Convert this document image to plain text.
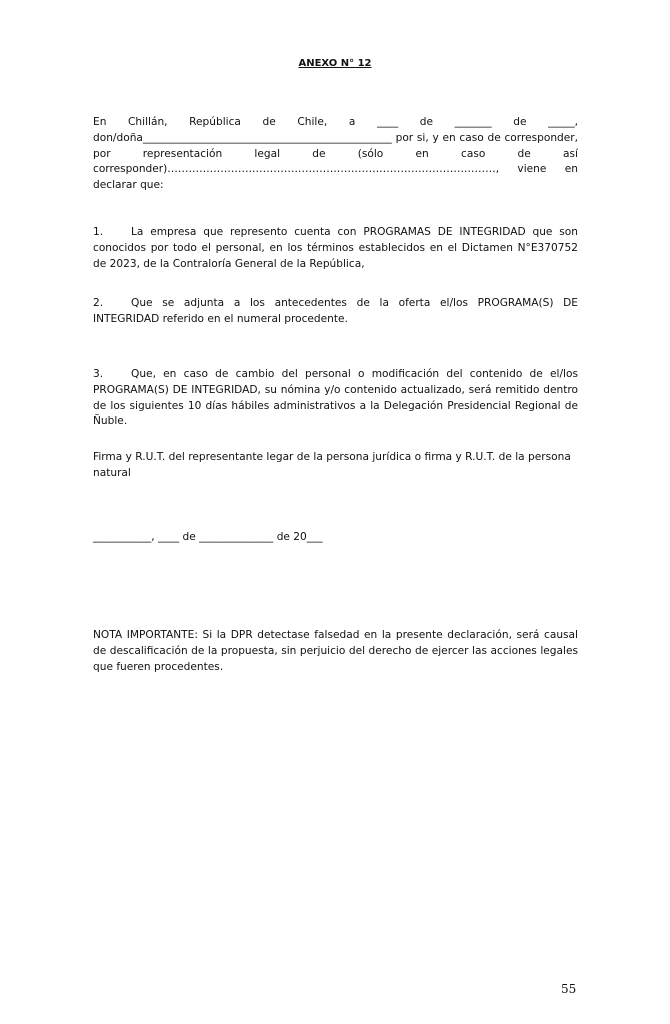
ANEXO N° 12
En Chillán, República de Chile, a ____ de _______ de _____, don/doña_______________________________________________ por si, y en caso de corresponder, por representación legal de (sólo en caso de así corresponder)…………………………………………………………………………………, viene en declarar que:
1.	La empresa que represento cuenta con PROGRAMAS DE INTEGRIDAD que son conocidos por todo el personal, en los términos establecidos en el Dictamen N°E370752 de 2023, de la Contraloría General de la República,
2.	Que se adjunta a los antecedentes de la oferta el/los PROGRAMA(S) DE INTEGRIDAD referido en el numeral procedente.
3.	Que, en caso de cambio del personal o modificación del contenido de el/los PROGRAMA(S) DE INTEGRIDAD, su nómina y/o contenido actualizado, será remitido dentro de los siguientes 10 días hábiles administrativos a la Delegación Presidencial Regional de Ñuble.
Firma y R.U.T. del representante legar de la persona jurídica o firma y R.U.T. de la persona natural
___________, ____ de ______________ de 20___
NOTA IMPORTANTE: Si la DPR detectase falsedad en la presente declaración, será causal de descalificación de la propuesta, sin perjuicio del derecho de ejercer las acciones legales que fueren procedentes.
55
